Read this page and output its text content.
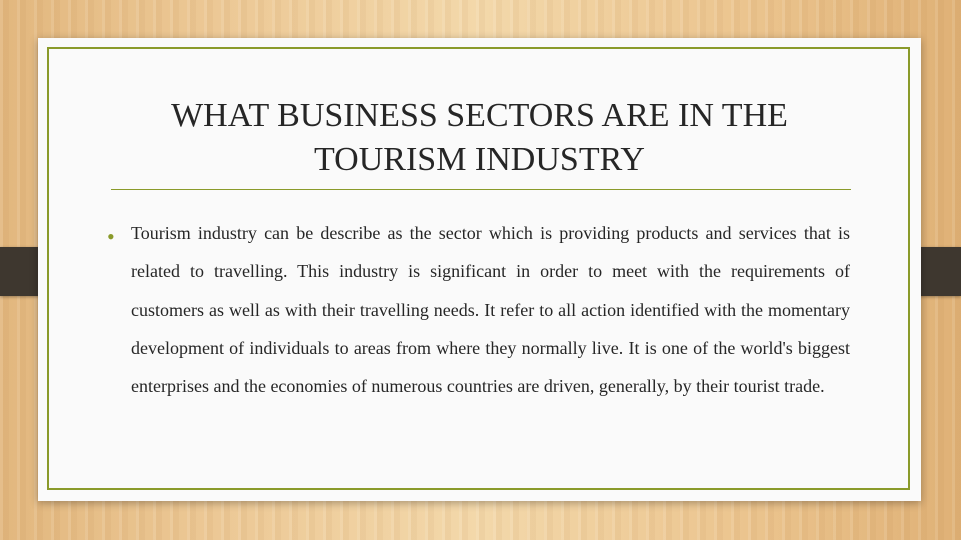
WHAT BUSINESS SECTORS ARE IN THE
TOURISM INDUSTRY
• Tourism industry can be describe as the sector which is providing products and services that is related to travelling. This industry is significant in order to meet with the requirements of customers as well as with their travelling needs. It refer to all action identified with the momentary development of individuals to areas from where they normally live. It is one of the world's biggest enterprises and the economies of numerous countries are driven, generally, by their tourist trade.
